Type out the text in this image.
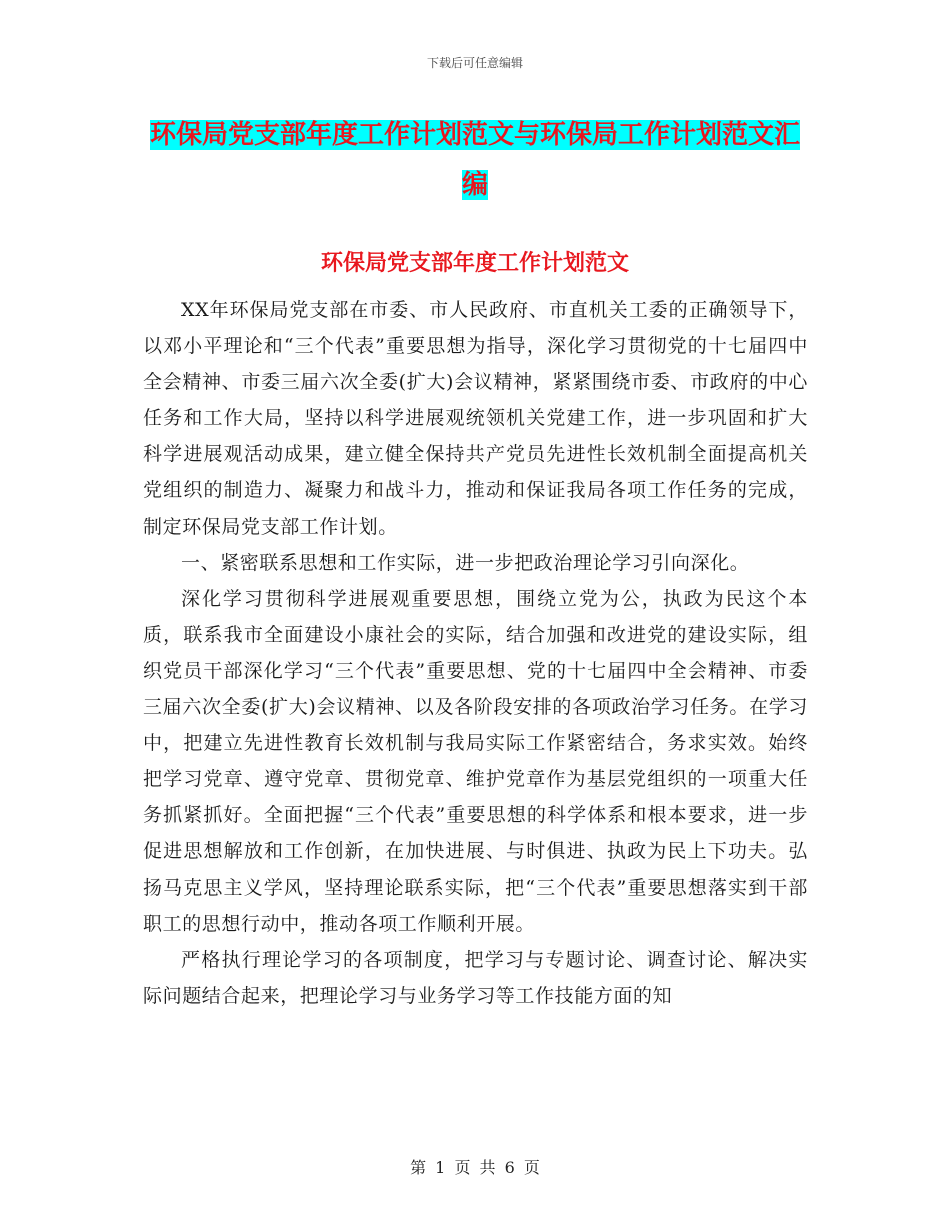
下载后可任意编辑
环保局党支部年度工作计划范文与环保局工作计划范文汇编
环保局党支部年度工作计划范文

XX年环保局党支部在市委、市人民政府、市直机关工委的正确领导下，以邓小平理论和“三个代表”重要思想为指导，深化学习贯彻党的十七届四中全会精神、市委三届六次全委(扩大)会议精神，紧紧围绕市委、市政府的中心任务和工作大局，坚持以科学进展观统领机关党建工作，进一步巩固和扩大科学进展观活动成果，建立健全保持共产党员先进性长效机制全面提高机关党组织的制造力、凝聚力和战斗力，推动和保证我局各项工作任务的完成，制定环保局党支部工作计划。

一、紧密联系思想和工作实际，进一步把政治理论学习引向深化。

深化学习贯彻科学进展观重要思想，围绕立党为公，执政为民这个本质，联系我市全面建设小康社会的实际，结合加强和改进党的建设实际，组织党员干部深化学习“三个代表”重要思想、党的十七届四中全会精神、市委三届六次全委(扩大)会议精神、以及各阶段安排的各项政治学习任务。在学习中，把建立先进性教育长效机制与我局实际工作紧密结合，务求实效。始终把学习党章、遵守党章、贯彻党章、维护党章作为基层党组织的一项重大任务抓紧抓好。全面把握“三个代表”重要思想的科学体系和根本要求，进一步促进思想解放和工作创新，在加快进展、与时俱进、执政为民上下功夫。弘扬马克思主义学风，坚持理论联系实际，把“三个代表”重要思想落实到干部职工的思想行动中，推动各项工作顺利开展。

严格执行理论学习的各项制度，把学习与专题讨论、调查讨论、解决实际问题结合起来，把理论学习与业务学习等工作技能方面的知

第 1 页 共 6 页
